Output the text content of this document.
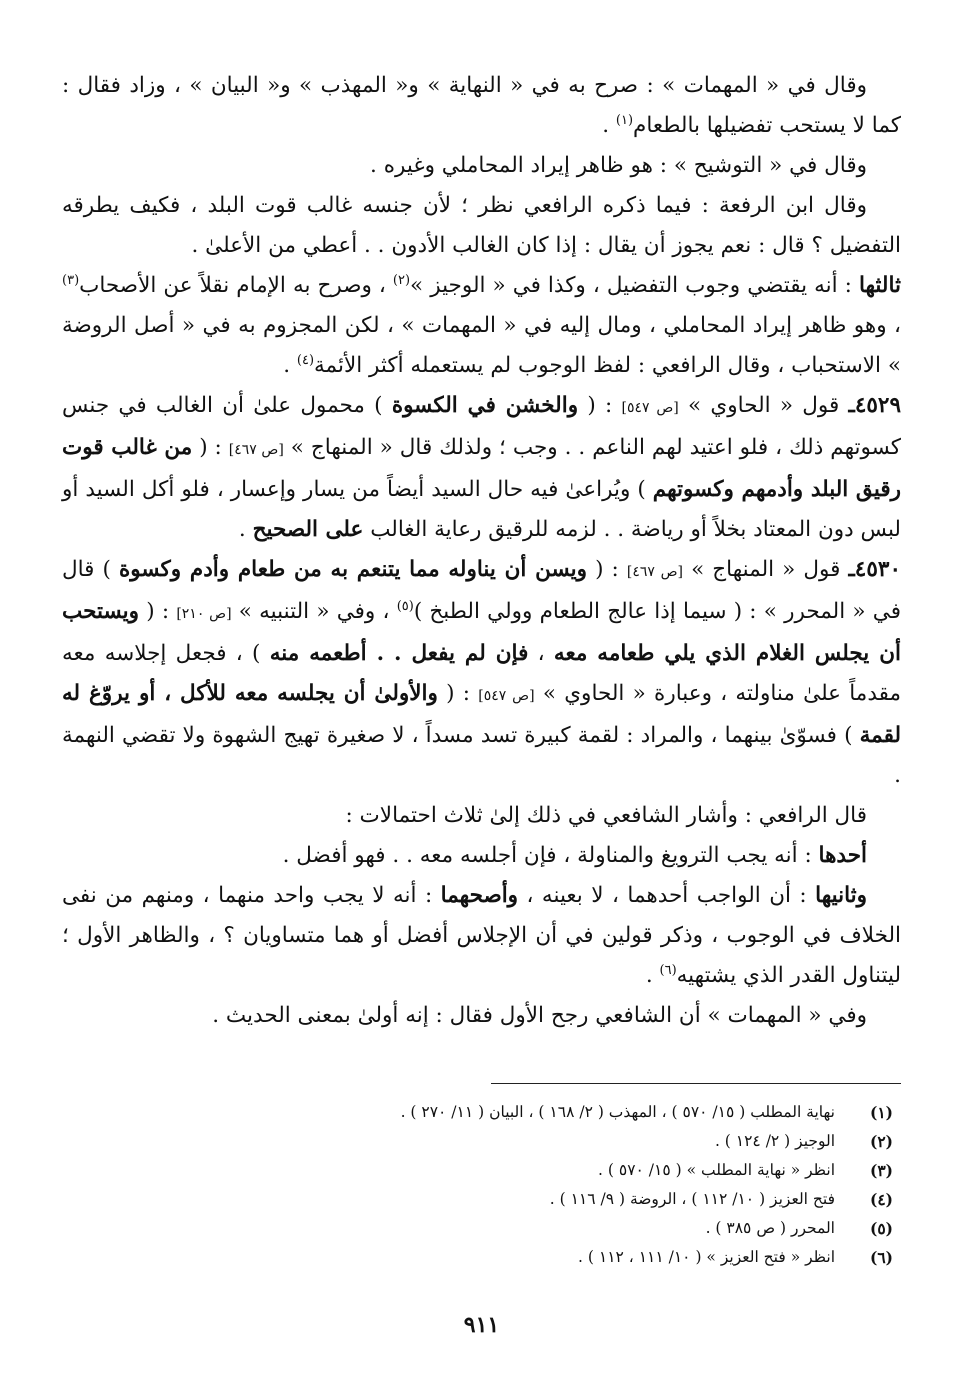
وقال في « المهمات » : صرح به في « النهاية » و« المهذب » و« البيان » ، وزاد فقال : كما لا يستحب تفضيلها بالطعام$^{(١)}$ .

وقال في « التوشيح » : هو ظاهر إيراد المحاملي وغيره .

وقال ابن الرفعة : فيما ذكره الرافعي نظر ؛ لأن جنسه غالب قوت البلد ، فكيف يطرقه التفضيل ؟ قال : نعم يجوز أن يقال : إذا كان الغالب الأدون . . أعطي من الأعلىٰ .

ثالثها : أنه يقتضي وجوب التفضيل ، وكذا في « الوجيز »$^{(٢)}$ ، وصرح به الإمام نقلاً عن الأصحاب$^{(٣)}$ ، وهو ظاهر إيراد المحاملي ، ومال إليه في « المهمات » ، لكن المجزوم به في « أصل الروضة » الاستحباب ، وقال الرافعي : لفظ الوجوب لم يستعمله أكثر الأئمة$^{(٤)}$ .

٤٥٢٩ـ قول « الحاوي » [ص ٥٤٧] : ( والخشن في الكسوة ) محمول علىٰ أن الغالب في جنس كسوتهم ذلك ، فلو اعتيد لهم الناعم . . وجب ؛ ولذلك قال « المنهاج » [ص ٤٦٧] : ( من غالب قوت رقيق البلد وأدمهم وكسوتهم ) ويُراعىٰ فيه حال السيد أيضاً من يسار وإعسار ، فلو أكل السيد أو لبس دون المعتاد بخلاً أو رياضة . . لزمه للرقيق رعاية الغالب على الصحيح .

٤٥٣٠ـ قول « المنهاج » [ص ٤٦٧] : ( ويسن أن يناوله مما يتنعم به من طعام وأدم وكسوة ) قال في « المحرر » : ( سيما إذا عالج الطعام وولي الطبخ )$^{(٥)}$ ، وفي « التنبيه » [ص ٢١٠] : ( ويستحب أن يجلس الغلام الذي يلي طعامه معه ، فإن لم يفعل . . أطعمه منه ) ، فجعل إجلاسه معه مقدماً علىٰ مناولته ، وعبارة « الحاوي » [ص ٥٤٧] : ( والأولىٰ أن يجلسه معه للأكل ، أو يروّغ له لقمة ) فسوّىٰ بينهما ، والمراد : لقمة كبيرة تسد مسداً ، لا صغيرة تهيج الشهوة ولا تقضي النهمة .

قال الرافعي : وأشار الشافعي في ذلك إلىٰ ثلاث احتمالات :

أحدها : أنه يجب الترويغ والمناولة ، فإن أجلسه معه . . فهو أفضل .

وثانيها : أن الواجب أحدهما ، لا بعينه ، وأصحهما : أنه لا يجب واحد منهما ، ومنهم من نفى الخلاف في الوجوب ، وذكر قولين في أن الإجلاس أفضل أو هما متساويان ؟ ، والظاهر الأول ؛ ليتناول القدر الذي يشتهيه$^{(٦)}$ .

وفي « المهمات » أن الشافعي رجح الأول فقال : إنه أولىٰ بمعنى الحديث .

(١)
نهاية المطلب ( ١٥/ ٥٧٠ ) ، المهذب ( ٢/ ١٦٨ ) ، البيان ( ١١/ ٢٧٠ ) .
(٢)
الوجيز ( ٢/ ١٢٤ ) .
(٣)
انظر « نهاية المطلب » ( ١٥/ ٥٧٠ ) .
(٤)
فتح العزيز ( ١٠/ ١١٢ ) ، الروضة ( ٩/ ١١٦ ) .
(٥)
المحرر ( ص ٣٨٥ ) .
(٦)
انظر « فتح العزيز » ( ١٠/ ١١١ ، ١١٢ ) .
٩١١
